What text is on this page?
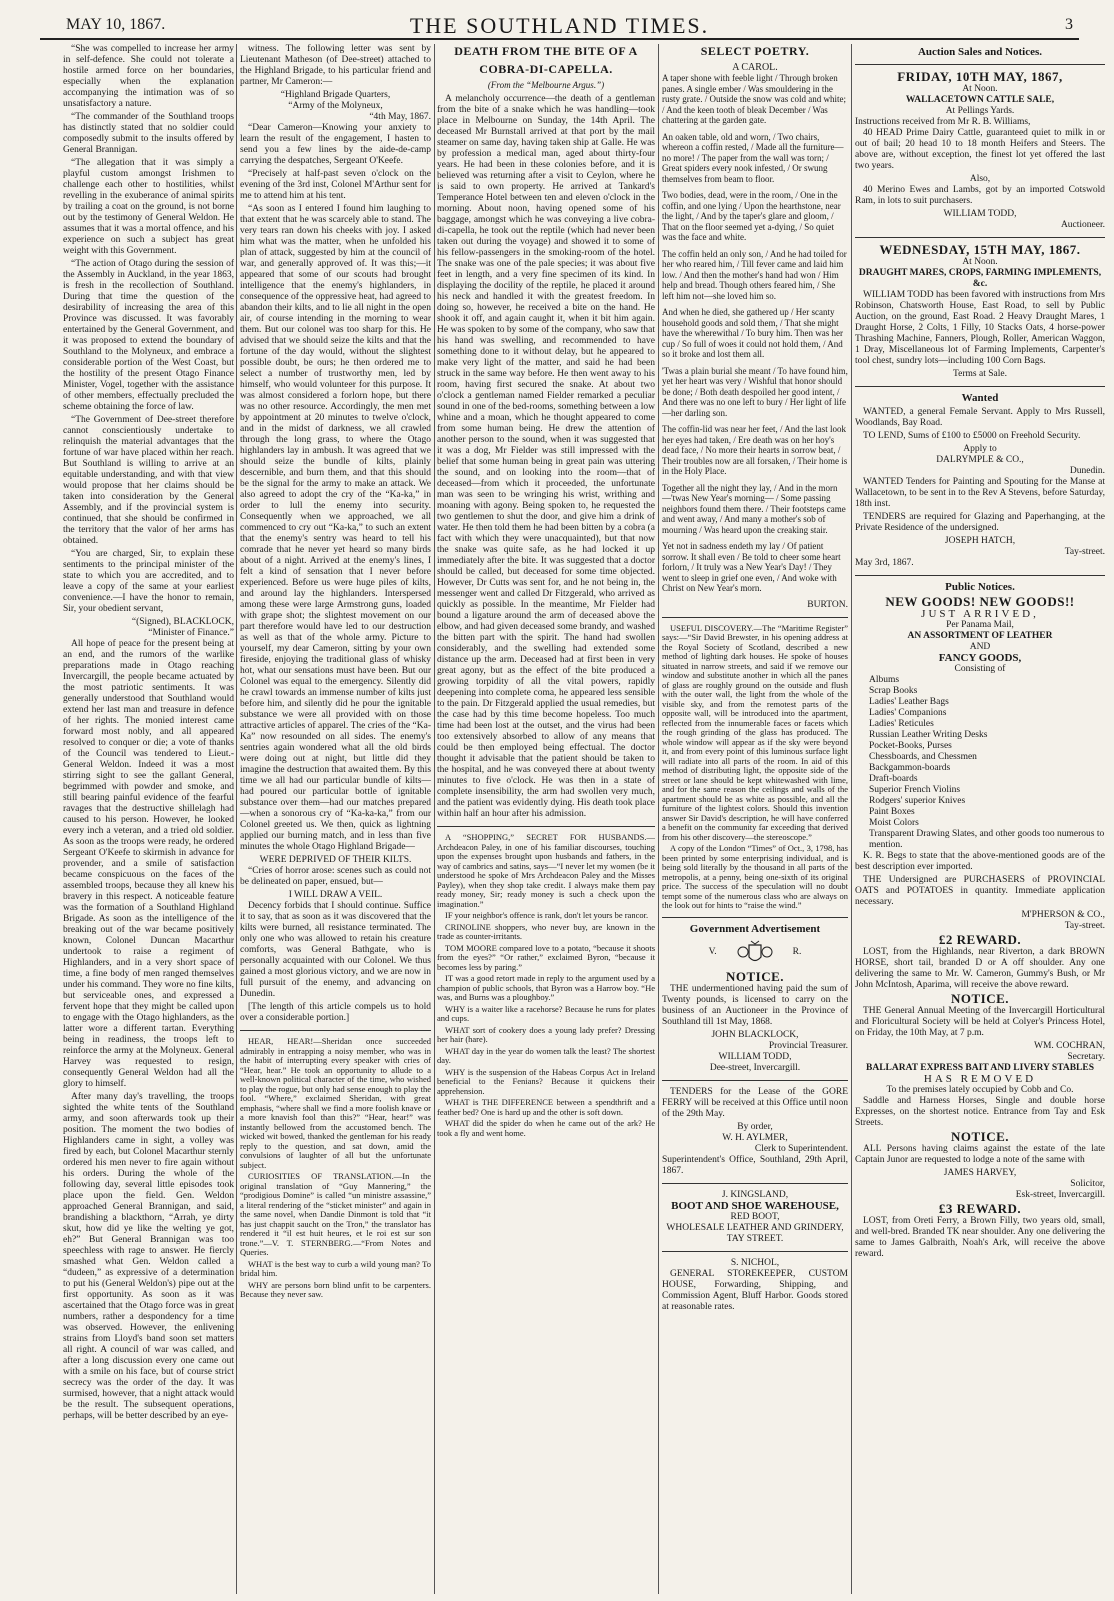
MAY 10, 1867.	THE SOUTHLAND TIMES.	3

“She was compelled to increase her army in self-defence. She could not tolerate a hostile armed force on her boundaries, especially when the explanation accompanying the intimation was of so unsatisfactory a nature.

“The commander of the Southland troops has distinctly stated that no soldier could composedly submit to the insults offered by General Brannigan.

“The allegation that it was simply a playful custom amongst Irishmen to challenge each other to hostilities, whilst revelling in the exuberance of animal spirits by trailing a coat on the ground, is not borne out by the testimony of General Weldon. He assumes that it was a mortal offence, and his experience on such a subject has great weight with this Government.

“The action of Otago during the session of the Assembly in Auckland, in the year 1863, is fresh in the recollection of Southland. During that time the question of the desirability of increasing the area of this Province was discussed. It was favorably entertained by the General Government, and it was proposed to extend the boundary of Southland to the Molyneux, and embrace a considerable portion of the West Coast, but the hostility of the present Otago Finance Minister, Vogel, together with the assistance of other members, effectually precluded the scheme obtaining the force of law.

“The Government of Dee-street therefore cannot conscientiously undertake to relinquish the material advantages that the fortune of war have placed within her reach. But Southland is willing to arrive at an equitable understanding, and with that view would propose that her claims should be taken into consideration by the General Assembly, and if the provincial system is continued, that she should be confirmed in the territory that the valor of her arms has obtained.

“You are charged, Sir, to explain these sentiments to the principal minister of the state to which you are accredited, and to leave a copy of the same at your earliest convenience.—I have the honor to remain, Sir, your obedient servant,

“(Signed), BLACKLOCK,
“Minister of Finance.”

All hope of peace for the present being at an end, and the rumors of the warlike preparations made in Otago reaching Invercargill, the people became actuated by the most patriotic sentiments. It was generally understood that Southland would extend her last man and treasure in defence of her rights. The monied interest came forward most nobly, and all appeared resolved to conquer or die; a vote of thanks of the Council was tendered to Lieut.-General Weldon. Indeed it was a most stirring sight to see the gallant General, begrimmed with powder and smoke, and still bearing painful evidence of the fearful ravages that the destructive shillelagh had caused to his person. However, he looked every inch a veteran, and a tried old soldier. As soon as the troops were ready, he ordered Sergeant O'Keefe to skirmish in advance for provender, and a smile of satisfaction became conspicuous on the faces of the assembled troops, because they all knew his bravery in this respect. A noticeable feature was the formation of a Southland Highland Brigade. As soon as the intelligence of the breaking out of the war became positively known, Colonel Duncan Macarthur undertook to raise a regiment of Highlanders, and in a very short space of time, a fine body of men ranged themselves under his command. They wore no fine kilts, but serviceable ones, and expressed a fervent hope that they might be called upon to engage with the Otago highlanders, as the latter wore a different tartan. Everything being in readiness, the troops left to reinforce the army at the Molyneux. General Harvey was requested to resign, consequently General Weldon had all the glory to himself.

After many day's travelling, the troops sighted the white tents of the Southland army, and soon afterwards took up their position. The moment the two bodies of Highlanders came in sight, a volley was fired by each, but Colonel Macarthur sternly ordered his men never to fire again without his orders. During the whole of the following day, several little episodes took place upon the field. Gen. Weldon approached General Brannigan, and said, brandishing a blackthorn, “Arrah, ye dirty skut, how did ye like the welting ye got, eh?” But General Brannigan was too speechless with rage to answer. He fiercly smashed what Gen. Weldon called a “dudeen,” as expressive of a determination to put his (General Weldon's) pipe out at the first opportunity. As soon as it was ascertained that the Otago force was in great numbers, rather a despondency for a time was observed. However, the enlivening strains from Lloyd's band soon set matters all right. A council of war was called, and after a long discussion every one came out with a smile on his face, but of course strict secrecy was the order of the day. It was surmised, however, that a night attack would be the result. The subsequent operations, perhaps, will be better described by an eye-

witness. The following letter was sent by Lieutenant Matheson (of Dee-street) attached to the Highland Brigade, to his particular friend and partner, Mr Cameron:—

“Highland Brigade Quarters,
“Army of the Molyneux,
“4th May, 1867.

“Dear Cameron—Knowing your anxiety to learn the result of the engagement, I hasten to send you a few lines by the aide-de-camp carrying the despatches, Sergeant O'Keefe.

“Precisely at half-past seven o'clock on the evening of the 3rd inst, Colonel M'Arthur sent for me to attend him at his tent.

“As soon as I entered I found him laughing to that extent that he was scarcely able to stand. The very tears ran down his cheeks with joy. I asked him what was the matter, when he unfolded his plan of attack, suggested by him at the council of war, and generally approved of. It was this;—it appeared that some of our scouts had brought intelligence that the enemy's highlanders, in consequence of the oppressive heat, had agreed to abandon their kilts, and to lie all night in the open air, of course intending in the morning to wear them. But our colonel was too sharp for this. He advised that we should seize the kilts and that the fortune of the day would, without the slightest possible doubt, be ours; he then ordered me to select a number of trustworthy men, led by himself, who would volunteer for this purpose. It was almost considered a forlorn hope, but there was no other resource. Accordingly, the men met by appointment at 20 minutes to twelve o'clock, and in the midst of darkness, we all crawled through the long grass, to where the Otago highlanders lay in ambush. It was agreed that we should seize the bundle of kilts, plainly descernible, and burn them, and that this should be the signal for the army to make an attack. We also agreed to adopt the cry of the “Ka-ka,” in order to lull the enemy into security. Consequently when we approached, we all commenced to cry out “Ka-ka,” to such an extent that the enemy's sentry was heard to tell his comrade that he never yet heard so many birds about of a night. Arrived at the enemy's lines, I felt a kind of sensation that I never before experienced. Before us were huge piles of kilts, and around lay the highlanders. Interspersed among these were large Armstrong guns, loaded with grape shot; the slightest movement on our part therefore would have led to our destruction as well as that of the whole army. Picture to yourself, my dear Cameron, sitting by your own fireside, enjoying the traditional glass of whisky hot, what our sensations must have been. But our Colonel was equal to the emergency. Silently did he crawl towards an immense number of kilts just before him, and silently did he pour the ignitable substance we were all provided with on those attractive articles of apparel. The cries of the “Ka-Ka” now resounded on all sides. The enemy's sentries again wondered what all the old birds were doing out at night, but little did they imagine the destruction that awaited them. By this time we all had our particular bundle of kilts—had poured our particular bottle of ignitable substance over them—had our matches prepared—when a sonorous cry of “Ka-ka-ka,” from our Colonel greeted us. We then, quick as lightning applied our burning match, and in less than five minutes the whole Otago Highland Brigade—

WERE DEPRIVED OF THEIR KILTS.

“Cries of horror arose: scenes such as could not be delineated on paper, ensued, but—

I WILL DRAW A VEIL.

Decency forbids that I should continue. Suffice it to say, that as soon as it was discovered that the kilts were burned, all resistance terminated. The only one who was allowed to retain his creature comforts, was General Bathgate, who is personally acquainted with our Colonel. We thus gained a most glorious victory, and we are now in full pursuit of the enemy, and advancing on Dunedin.

[The length of this article compels us to hold over a considerable portion.]

HEAR, HEAR!—Sheridan once succeeded admirably in entrapping a noisy member, who was in the habit of interrupting every speaker with cries of “Hear, hear.” He took an opportunity to allude to a well-known political character of the time, who wished to play the rogue, but only had sense enough to play the fool. “Where,” exclaimed Sheridan, with great emphasis, “where shall we find a more foolish knave or a more knavish fool than this?” “Hear, hear!” was instantly bellowed from the accustomed bench. The wicked wit bowed, thanked the gentleman for his ready reply to the question, and sat down, amid the convulsions of laughter of all but the unfortunate subject.

CURIOSITIES OF TRANSLATION.—In the original translation of “Guy Mannering,” the “prodigious Domine” is called “un ministre assassine,” a literal rendering of the “sticket minister” and again in the same novel, when Dandie Dinmont is told that “it has just chappit saucht on the Tron,” the translator has rendered it “il est huit heures, et le roi est sur son trone.”—V. T. STERNBERG.—“From Notes and Queries.

WHAT is the best way to curb a wild young man? To bridal him.

WHY are persons born blind unfit to be carpenters. Because they never saw.

DEATH FROM THE BITE OF A
COBRA-DI-CAPELLA.
(From the “Melbourne Argus.”)

A melancholy occurrence—the death of a gentleman from the bite of a snake which he was handling—took place in Melbourne on Sunday, the 14th April. The deceased Mr Burnstall arrived at that port by the mail steamer on same day, having taken ship at Galle. He was by profession a medical man, aged about thirty-four years. He had been in these colonies before, and it is believed was returning after a visit to Ceylon, where he is said to own property. He arrived at Tankard's Temperance Hotel between ten and eleven o'clock in the morning. About noon, having opened some of his baggage, amongst which he was conveying a live cobra-di-capella, he took out the reptile (which had never been taken out during the voyage) and showed it to some of his fellow-passengers in the smoking-room of the hotel. The snake was one of the pale species; it was about five feet in length, and a very fine specimen of its kind. In displaying the docility of the reptile, he placed it around his neck and handled it with the greatest freedom. In doing so, however, he received a bite on the hand. He shook it off, and again caught it, when it bit him again. He was spoken to by some of the company, who saw that his hand was swelling, and recommended to have something done to it without delay, but he appeared to make very light of the matter, and said he had been struck in the same way before. He then went away to his room, having first secured the snake. At about two o'clock a gentleman named Fielder remarked a peculiar sound in one of the bed-rooms, something between a low whine and a moan, which he thought appeared to come from some human being. He drew the attention of another person to the sound, when it was suggested that it was a dog, Mr Fielder was still impressed with the belief that some human being in great pain was uttering the sound, and on looking into the room—that of deceased—from which it proceeded, the unfortunate man was seen to be wringing his wrist, writhing and moaning with agony. Being spoken to, he requested the two gentlemen to shut the door, and give him a drink of water. He then told them he had been bitten by a cobra (a fact with which they were unacquainted), but that now the snake was quite safe, as he had locked it up immediately after the bite. It was suggested that a doctor should be called, but deceased for some time objected. However, Dr Cutts was sent for, and he not being in, the messenger went and called Dr Fitzgerald, who arrived as quickly as possible. In the meantime, Mr Fielder had bound a ligature around the arm of deceased above the elbow, and had given deceased some brandy, and washed the bitten part with the spirit. The hand had swollen considerably, and the swelling had extended some distance up the arm. Deceased had at first been in very great agony, but as the effect of the bite produced a growing torpidity of all the vital powers, rapidly deepening into complete coma, he appeared less sensible to the pain. Dr Fitzgerald applied the usual remedies, but the case had by this time become hopeless. Too much time had been lost at the outset, and the virus had been too extensively absorbed to allow of any means that could be then employed being effectual. The doctor thought it advisable that the patient should be taken to the hospital, and he was conveyed there at about twenty minutes to five o'clock. He was then in a state of complete insensibility, the arm had swollen very much, and the patient was evidently dying. His death took place within half an hour after his admission.

A “SHOPPING,” SECRET FOR HUSBANDS.—Archdeacon Paley, in one of his familiar discourses, touching upon the expenses brought upon husbands and fathers, in the way of cambrics and satins, says—“I never let my women (be it understood he spoke of Mrs Archdeacon Paley and the Misses Payley), when they shop take credit. I always make them pay ready money, Sir; ready money is such a check upon the imagination.”

IF your neighbor's offence is rank, don't let yours be rancor.

CRINOLINE shoppers, who never buy, are known in the trade as counter-irritants.

TOM MOORE compared love to a potato, “because it shoots from the eyes?” “Or rather,” exclaimed Byron, “because it becomes less by paring.”

IT was a good retort made in reply to the argument used by a champion of public schools, that Byron was a Harrow boy. “He was, and Burns was a ploughboy.”

WHY is a waiter like a racehorse? Because he runs for plates and cups.

WHAT sort of cookery does a young lady prefer? Dressing her hair (hare).

WHAT day in the year do women talk the least? The shortest day.

WHY is the suspension of the Habeas Corpus Act in Ireland beneficial to the Fenians? Because it quickens their apprehension.

WHAT is THE DIFFERENCE between a spendthrift and a feather bed? One is hard up and the other is soft down.

WHAT did the spider do when he came out of the ark? He took a fly and went home.

SELECT POETRY.
A CAROL.

A taper shone with feeble light / Through broken panes. A single ember / Was smouldering in the rusty grate. / Outside the snow was cold and white; / And the keen tooth of bleak December / Was chattering at the garden gate.

An oaken table, old and worn, / Two chairs, whereon a coffin rested, / Made all the furniture—no more! / The paper from the wall was torn; / Great spiders every nook infested, / Or swung themselves from beam to floor.

Two bodies, dead, were in the room, / One in the coffin, and one lying / Upon the hearthstone, near the light, / And by the taper's glare and gloom, / That on the floor seemed yet a-dying, / So quiet was the face and white.

The coffin held an only son, / And he had toiled for her who reared him, / Till fever came and laid him low. / And then the mother's hand had won / Him help and bread. Though others feared him, / She left him not—she loved him so.

And when he died, she gathered up / Her scanty household goods and sold them, / That she might have the wherewithal / To bury him. Then was her cup / So full of woes it could not hold them, / And so it broke and lost them all.

'Twas a plain burial she meant / To have found him, yet her heart was very / Wishful that honor should be done; / Both death despoiled her good intent, / And there was no one left to bury / Her light of life—her darling son.

The coffin-lid was near her feet, / And the last look her eyes had taken, / Ere death was on her hoy's dead face, / No more their hearts in sorrow beat, / Their troubles now are all forsaken, / Their home is in the Holy Place.

Together all the night they lay, / And in the morn—'twas New Year's morning— / Some passing neighbors found them there. / Their footsteps came and went away, / And many a mother's sob of mourning / Was heard upon the creaking stair.

Yet not in sadness endeth my lay / Of patient sorrow. It shall even / Be told to cheer some heart forlorn, / It truly was a New Year's Day! / They went to sleep in grief one even, / And woke with Christ on New Year's morn.

BURTON.

USEFUL DISCOVERY.—The “Maritime Register” says:—“Sir David Brewster, in his opening address at the Royal Society of Scotland, described a new method of lighting dark houses. He spoke of houses situated in narrow streets, and said if we remove our window and substitute another in which all the panes of glass are roughly ground on the outside and flush with the outer wall, the light from the whole of the visible sky, and from the remotest parts of the opposite wall, will be introduced into the apartment, reflected from the innumerable faces or facets which the rough grinding of the glass has produced. The whole window will appear as if the sky were beyond it, and from every point of this luminous surface light will radiate into all parts of the room. In aid of this method of distributing light, the opposite side of the street or lane should be kept whitewashed with lime, and for the same reason the ceilings and walls of the apartment should be as white as possible, and all the furniture of the lightest colors. Should this invention answer Sir David's description, he will have conferred a benefit on the community far exceeding that derived from his other discovery—the stereoscope.”

A copy of the London “Times” of Oct., 3, 1798, has been printed by some enterprising individual, and is being sold literally by the thousand in all parts of the metropolis, at a penny, being one-sixth of its original price. The success of the speculation will no doubt tempt some of the numerous class who are always on the look out for hints to “raise the wind.”

Government Advertisement
V.	R.
NOTICE.

THE undermentioned having paid the sum of Twenty pounds, is licensed to carry on the business of an Auctioneer in the Province of Southland till 1st May, 1868.

JOHN BLACKLOCK,
Provincial Treasurer.
WILLIAM TODD,
Dee-street, Invercargill.

TENDERS for the Lease of the GORE FERRY will be received at this Office until noon of the 29th May.

By order,
W. H. AYLMER,
Clerk to Superintendent.
Superintendent's Office, Southland, 29th April, 1867.
J. KINGSLAND,
BOOT AND SHOE WAREHOUSE,
RED BOOT,
WHOLESALE LEATHER AND GRINDERY,
TAY STREET.
S. NICHOL,

GENERAL STOREKEEPER, CUSTOM HOUSE, Forwarding, Shipping, and Commission Agent, Bluff Harbor. Goods stored at reasonable rates.

Auction Sales and Notices.
FRIDAY, 10TH MAY, 1867,
At Noon.
WALLACETOWN CATTLE SALE,
At Pellings Yards.
Instructions received from Mr R. B. Williams,

40 HEAD Prime Dairy Cattle, guaranteed quiet to milk in or out of bail; 20 head 10 to 18 month Heifers and Steers. The above are, without exception, the finest lot yet offered the last two years.

Also,

40 Merino Ewes and Lambs, got by an imported Cotswold Ram, in lots to suit purchasers.

WILLIAM TODD,
Auctioneer.
WEDNESDAY, 15TH MAY, 1867.
At Noon.
DRAUGHT MARES, CROPS, FARMING IMPLEMENTS, &c.

WILLIAM TODD has been favored with instructions from Mrs Robinson, Chatsworth House, East Road, to sell by Public Auction, on the ground, East Road. 2 Heavy Draught Mares, 1 Draught Horse, 2 Colts, 1 Filly, 10 Stacks Oats, 4 horse-power Thrashing Machine, Fanners, Plough, Roller, American Waggon, 1 Dray, Miscellaneous lot of Farming Implements, Carpenter's tool chest, sundry lots—including 100 Corn Bags.

Terms at Sale.
Wanted

WANTED, a general Female Servant. Apply to Mrs Russell, Woodlands, Bay Road.

TO LEND, Sums of £100 to £5000 on Freehold Security.

Apply to
DALRYMPLE & CO.,
Dunedin.

WANTED Tenders for Painting and Spouting for the Manse at Wallacetown, to be sent in to the Rev A Stevens, before Saturday, 18th inst.

TENDERS are required for Glazing and Paperhanging, at the Private Residence of the undersigned.

JOSEPH HATCH,
Tay-street.
May 3rd, 1867.
Public Notices.
NEW GOODS! NEW GOODS!!
JUST ARRIVED,
Per Panama Mail,
AN ASSORTMENT OF LEATHER
AND
FANCY GOODS,
Consisting of
Albums
Scrap Books
Ladies' Leather Bags
Ladies' Companions
Ladies' Reticules
Russian Leather Writing Desks
Pocket-Books, Purses
Chessboards, and Chessmen
Backgammon-boards
Draft-boards
Superior French Violins
Rodgers' superior Knives
Paint Boxes
Moist Colors
Transparent Drawing Slates, and other goods too numerous to mention.

K. R. Begs to state that the above-mentioned goods are of the best description ever imported.

THE Undersigned are PURCHASERS of PROVINCIAL OATS and POTATOES in quantity. Immediate application necessary.

M'PHERSON & CO.,
Tay-street.
£2 REWARD.

LOST, from the Highlands, near Riverton, a dark BROWN HORSE, short tail, branded D or A off shoulder. Any one delivering the same to Mr. W. Cameron, Gummy's Bush, or Mr John McIntosh, Aparima, will receive the above reward.

NOTICE.

THE General Annual Meeting of the Invercargill Horticultural and Floricultural Society will be held at Colyer's Princess Hotel, on Friday, the 10th May, at 7 p.m.

WM. COCHRAN,
Secretary.
BALLARAT EXPRESS BAIT AND LIVERY STABLES
HAS REMOVED
To the premises lately occupied by Cobb and Co.

Saddle and Harness Horses, Single and double horse Expresses, on the shortest notice. Entrance from Tay and Esk Streets.

NOTICE.

ALL Persons having claims against the estate of the late Captain Junor are requested to lodge a note of the same with

JAMES HARVEY,
Solicitor,
Esk-street, Invercargill.
£3 REWARD.

LOST, from Oreti Ferry, a Brown Filly, two years old, small, and well-bred. Branded TK near shoulder. Any one delivering the same to James Galbraith, Noah's Ark, will receive the above reward.
